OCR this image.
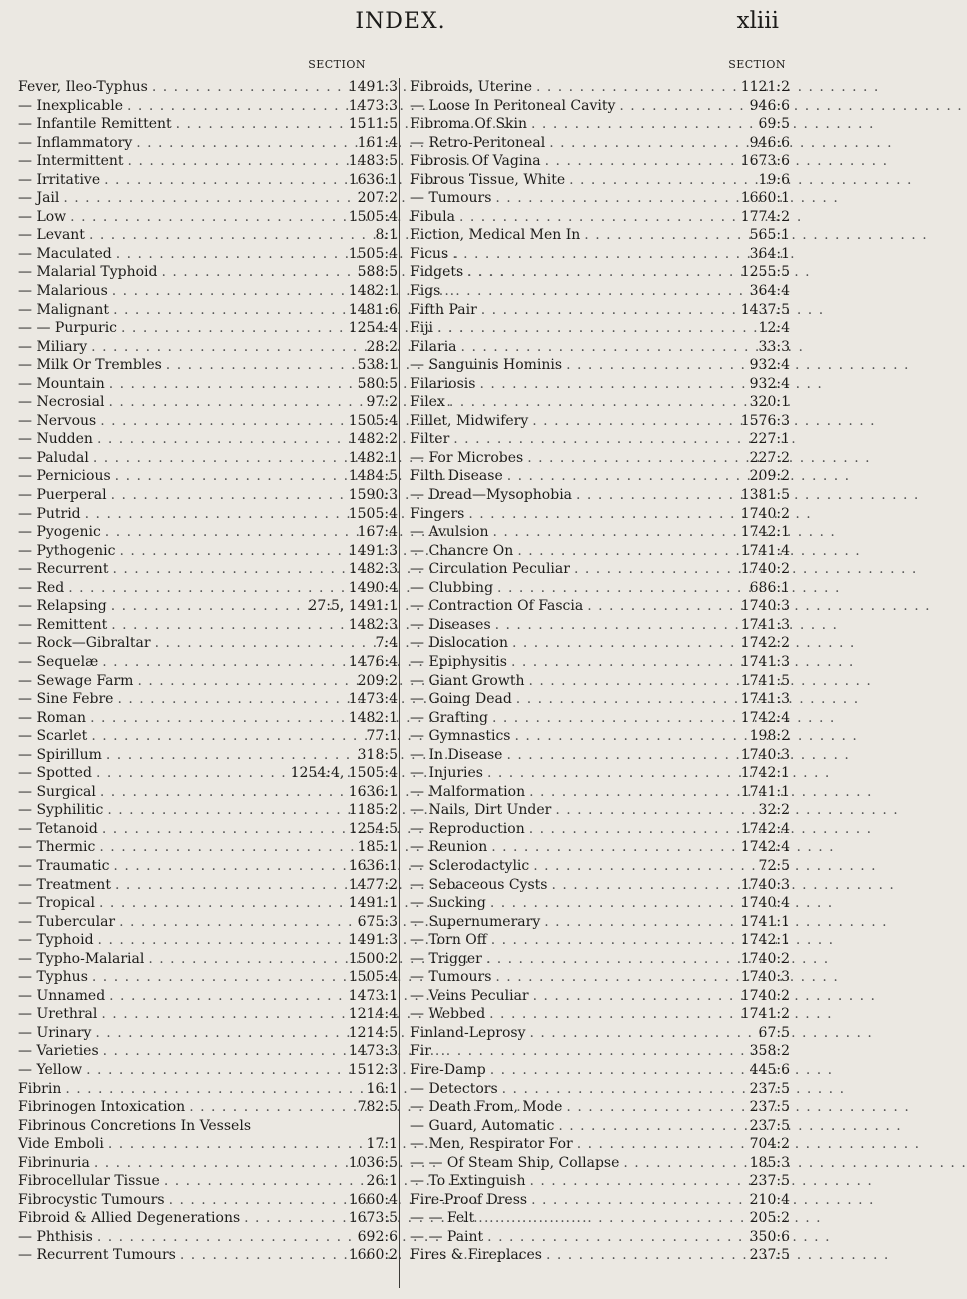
INDEX.	xliii
SECTION
Fever, Ileo-Typhus . . .	1491:3
— Inexplicable . . .	1473:3
— Infantile Remittent . . .	1511:5
— Inflammatory . . .	161:4
— Intermittent . . .	1483:5
— Irritative . . .	1636:1
— Jail . . .	207:2
— Low . . .	1505:4
— Levant . . .	8:1
— Maculated . . .	1505:4
— Malarial Typhoid . . .	588:5
— Malarious . . .	1482:1
— Malignant . . .	1481:6
— — Purpuric . . .	1254:4
— Miliary . . .	28:2
— Milk Or Trembles . . .	538:1
— Mountain . . .	580:5
— Necrosial . . .	97:2
— Nervous . . .	1505:4
— Nudden . . .	1482:2
— Paludal . . .	1482:1
— Pernicious . . .	1484:5
— Puerperal . . .	1590:3
— Putrid . . .	1505:4
— Pyogenic . . .	167:4
— Pythogenic . . .	1491:3
— Recurrent . . .	1482:3
— Red . . .	1490:4
— Relapsing . . .	27:5, 1491:1
— Remittent . . .	1482:3
— Rock—Gibraltar . . .	7:4
— Sequelæ . . .	1476:4
— Sewage Farm . . .	209:2
— Sine Febre . . .	1473:4
— Roman . . .	1482:1
— Scarlet . . .	77:1
— Spirillum . . .	318:5
— Spotted . . .	1254:4, 1505:4
— Surgical . . .	1636:1
— Syphilitic . . .	1185:2
— Tetanoid . . .	1254:5
— Thermic . . .	185:1
— Traumatic . . .	1636:1
— Treatment . . .	1477:2
— Tropical . . .	1491:1
— Tubercular . . .	675:3
— Typhoid . . .	1491:3
— Typho-Malarial . . .	1500:2
— Typhus . . .	1505:4
— Unnamed . . .	1473:1
— Urethral . . .	1214:4
— Urinary . . .	1214:5
— Varieties . . .	1473:3
— Yellow . . .	1512:3
Fibrin . . .	16:1
Fibrinogen Intoxication . . .	782:5
Fibrinous Concretions In Vessels
Vide Emboli . . .	17:1
Fibrinuria . . .	1036:5
Fibrocellular Tissue . . .	26:1
Fibrocystic Tumours . . .	1660:4
Fibroid & Allied Degenerations . . .	1673:5
— Phthisis . . .	692:6
— Recurrent Tumours . . .	1660:2
SECTION
Fibroids, Uterine . . .	1121:2
— Loose In Peritoneal Cavity . . .	946:6
Fibroma Of Skin . . .	69:5
— Retro-Peritoneal . . .	946:6
Fibrosis Of Vagina . . .	1673:6
Fibrous Tissue, White . . .	19:6
— Tumours . . .	1660:1
Fibula . . .	1774:2
Fiction, Medical Men In . . .	565:1
Ficus . . .	364:1
Fidgets . . .	1255:5
Figs . . .	364:4
Fifth Pair . . .	1437:5
Fiji . . .	12:4
Filaria . . .	33:3
— Sanguinis Hominis . . .	932:4
Filariosis . . .	932:4
Filex . . .	320:1
Fillet, Midwifery . . .	1576:3
Filter . . .	227:1
— For Microbes . . .	227:2
Filth Disease . . .	209:2
— Dread—Mysophobia . . .	1381:5
Fingers . . .	1740:2
— Avulsion . . .	1742:1
— Chancre On . . .	1741:4
— Circulation Peculiar . . .	1740:2
— Clubbing . . .	686:1
— Contraction Of Fascia . . .	1740:3
— Diseases . . .	1741:3
— Dislocation . . .	1742:2
— Epiphysitis . . .	1741:3
— Giant Growth . . .	1741:5
— Going Dead . . .	1741:3
— Grafting . . .	1742:4
— Gymnastics . . .	198:2
— In Disease . . .	1740:3
— Injuries . . .	1742:1
— Malformation . . .	1741:1
— Nails, Dirt Under . . .	32:2
— Reproduction . . .	1742:4
— Reunion . . .	1742:4
— Sclerodactylic . . .	72:5
— Sebaceous Cysts . . .	1740:3
— Sucking . . .	1740:4
— Supernumerary . . .	1741:1
— Torn Off . . .	1742:1
— Trigger . . .	1740:2
— Tumours . . .	1740:3
— Veins Peculiar . . .	1740:2
— Webbed . . .	1741:2
Finland-Leprosy . . .	67:5
Fir . . .	358:2
Fire-Damp . . .	445:6
— Detectors . . .	237:5
— Death From, Mode . . .	237:5
— Guard, Automatic . . .	237:5
— Men, Respirator For . . .	704:2
— — Of Steam Ship, Collapse . . .	185:3
— To Extinguish . . .	237:5
Fire-Proof Dress . . .	210:4
— — Felt . . .	205:2
— — Paint . . .	350:6
Fires & Fireplaces . . .	237:5
